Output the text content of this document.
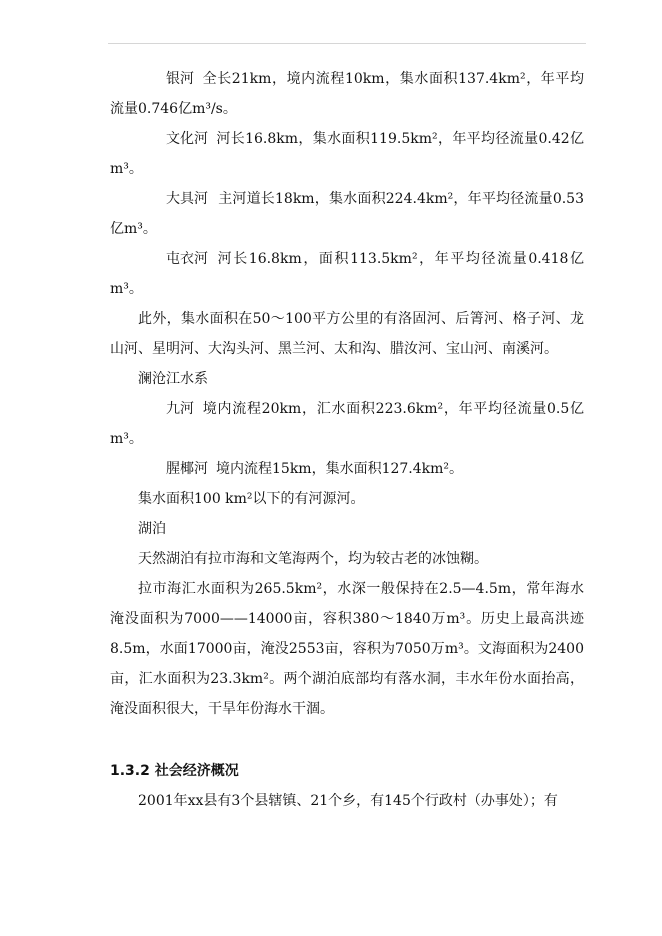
银河 全长21km，境内流程10km，集水面积137.4km²，年平均流量0.746亿m³/s。

文化河 河长16.8km，集水面积119.5km²，年平均径流量0.42亿m³。

大具河 主河道长18km，集水面积224.4km²，年平均径流量0.53亿m³。

屯衣河 河长16.8km，面积113.5km²，年平均径流量0.418亿m³。

此外，集水面积在50～100平方公里的有洛固河、后箐河、格子河、龙山河、星明河、大沟头河、黑兰河、太和沟、腊汝河、宝山河、南溪河。

澜沧江水系

九河 境内流程20km，汇水面积223.6km²，年平均径流量0.5亿m³。

腥椰河 境内流程15km，集水面积127.4km²。

集水面积100 km²以下的有河源河。

湖泊

天然湖泊有拉市海和文笔海两个，均为较古老的冰蚀糊。

拉市海汇水面积为265.5km²，水深一般保持在2.5—4.5m，常年海水淹没面积为7000——14000亩，容积380～1840万m³。历史上最高洪迹8.5m，水面17000亩，淹没2553亩，容积为7050万m³。文海面积为2400亩，汇水面积为23.3km²。两个湖泊底部均有落水洞，丰水年份水面抬高，淹没面积很大，干旱年份海水干涸。

1.3.2 社会经济概况

2001年xx县有3个县辖镇、21个乡，有145个行政村（办事处）；有
